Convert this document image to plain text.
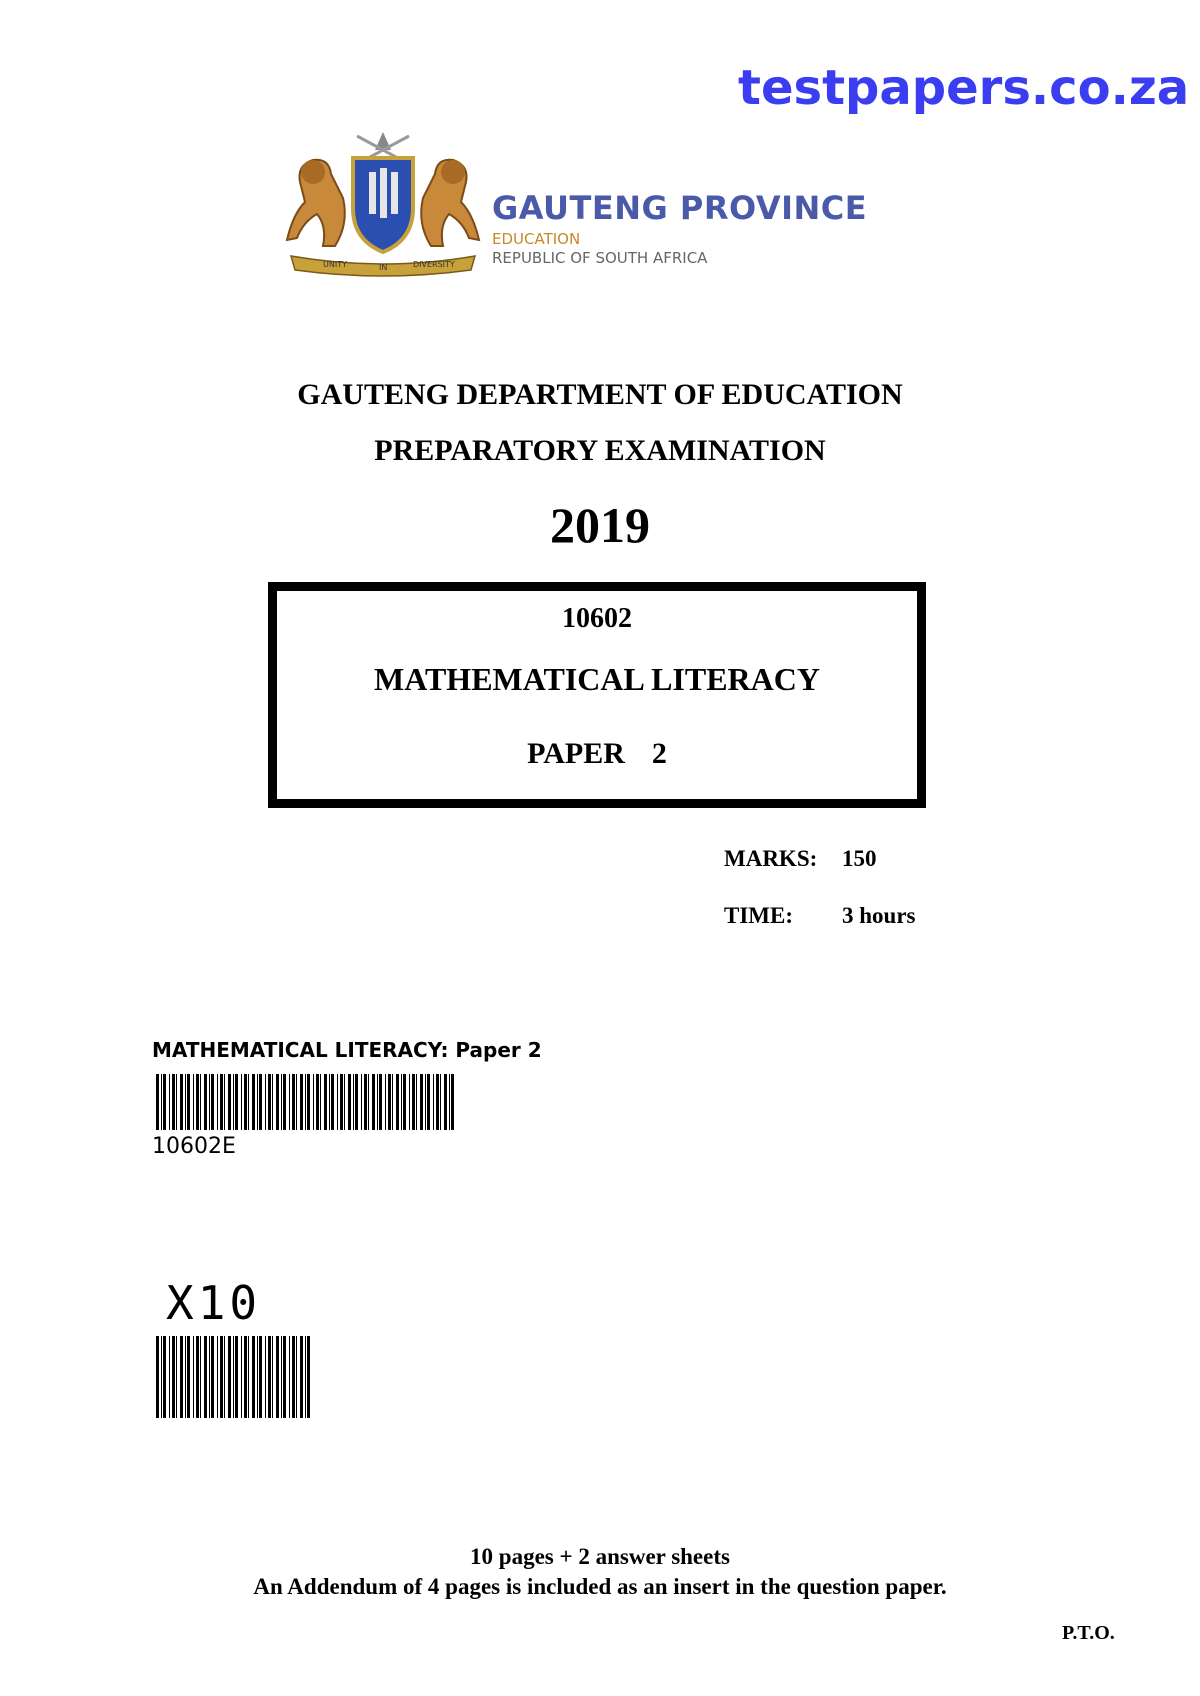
testpapers.co.za
UNITY	IN	DIVERSITY
GAUTENG PROVINCE
EDUCATION
REPUBLIC OF SOUTH AFRICA
GAUTENG DEPARTMENT OF EDUCATION
PREPARATORY EXAMINATION
2019
10602
MATHEMATICAL LITERACY
PAPER  2
MARKS: 150
TIME: 3 hours
MATHEMATICAL LITERACY: Paper 2
10602E
X10
10 pages + 2 answer sheets
An Addendum of 4 pages is included as an insert in the question paper.
P.T.O.
